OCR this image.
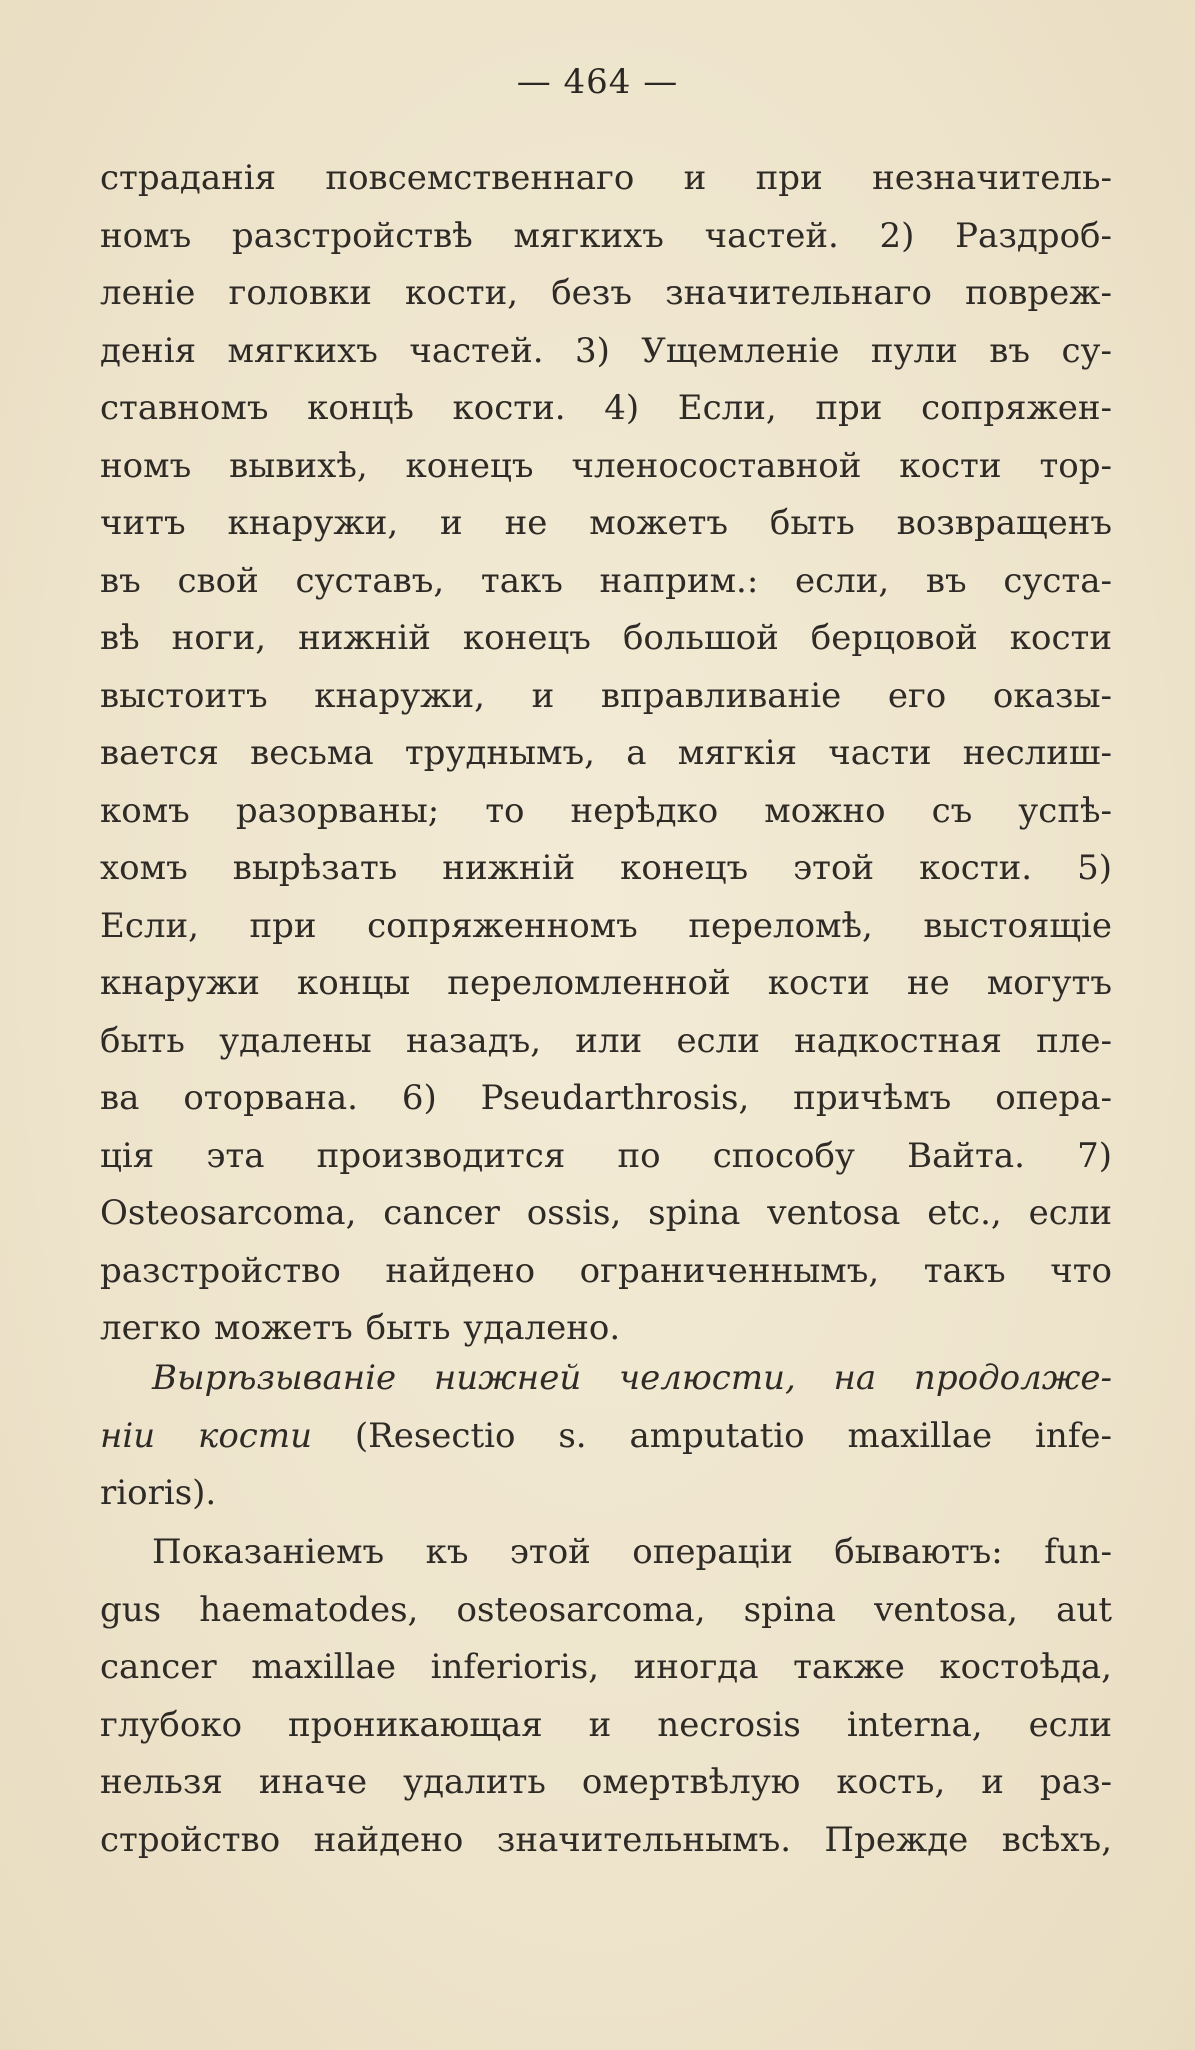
— 464 —
страданія повсемственнаго и при незначитель-
номъ разстройствѣ мягкихъ частей. 2) Раздроб-
леніе головки кости, безъ значительнаго повреж-
денія мягкихъ частей. 3) Ущемленіе пули въ су-
ставномъ концѣ кости. 4) Если, при сопряжен-
номъ вывихѣ, конецъ членосоставной кости тор-
читъ кнаружи, и не можетъ быть возвращенъ
въ свой суставъ, такъ наприм.: если, въ суста-
вѣ ноги, нижній конецъ большой берцовой кости
выстоитъ кнаружи, и вправливаніе его оказы-
вается весьма труднымъ, а мягкія части неслиш-
комъ разорваны; то нерѣдко можно съ успѣ-
хомъ вырѣзать нижній конецъ этой кости. 5)
Если, при сопряженномъ переломѣ, выстоящіе
кнаружи концы переломленной кости не могутъ
быть удалены назадъ, или если надкостная пле-
ва оторвана. 6) Pseudarthrosis, причѣмъ опера-
ція эта производится по способу Вайта. 7)
Osteosarcoma, cancer ossis, spina ventosa etc., если
разстройство найдено ограниченнымъ, такъ что
легко можетъ быть удалено.
Вырѣзываніе нижней челюсти, на продолже-
ніи кости (Resectio s. amputatio maxillae infe-
rioris).
Показаніемъ къ этой операціи бываютъ: fun-
gus haematodes, osteosarcoma, spina ventosa, aut
cancer maxillae inferioris, иногда также костоѣда,
глубоко проникающая и necrosis interna, если
нельзя иначе удалить омертвѣлую кость, и раз-
стройство найдено значительнымъ. Прежде всѣхъ,
